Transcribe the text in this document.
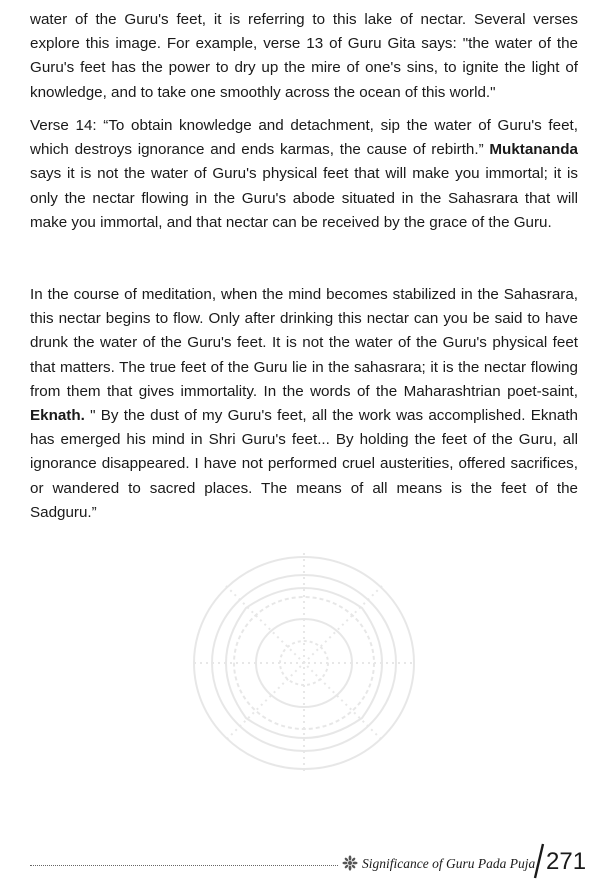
water of the Guru's feet, it is referring to this lake of nectar. Several verses explore this image. For example, verse 13 of Guru Gita says: "the water of the Guru's feet has the power to dry up the mire of one's sins, to ignite the light of knowledge, and to take one smoothly across the ocean of this world."

Verse 14: “To obtain knowledge and detachment, sip the water of Guru's feet, which destroys ignorance and ends karmas, the cause of rebirth.” Muktananda says it is not the water of Guru's physical feet that will make you immortal; it is only the nectar flowing in the Guru's abode situated in the Sahasrara that will make you immortal, and that nectar can be received by the grace of the Guru.

In the course of meditation, when the mind becomes stabilized in the Sahasrara, this nectar begins to flow. Only after drinking this nectar can you be said to have drunk the water of the Guru's feet. It is not the water of the Guru's physical feet that matters. The true feet of the Guru lie in the sahasrara; it is the nectar flowing from them that gives immortality. In the words of the Maharashtrian poet-saint, Eknath. " By the dust of my Guru's feet, all the work was accomplished. Eknath has emerged his mind in Shri Guru's feet... By holding the feet of the Guru, all ignorance disappeared. I have not performed cruel austerities, offered sacrifices, or wandered to sacred places. The means of all means is the feet of the Sadguru.”

Significance of Guru Pada Puja 271
